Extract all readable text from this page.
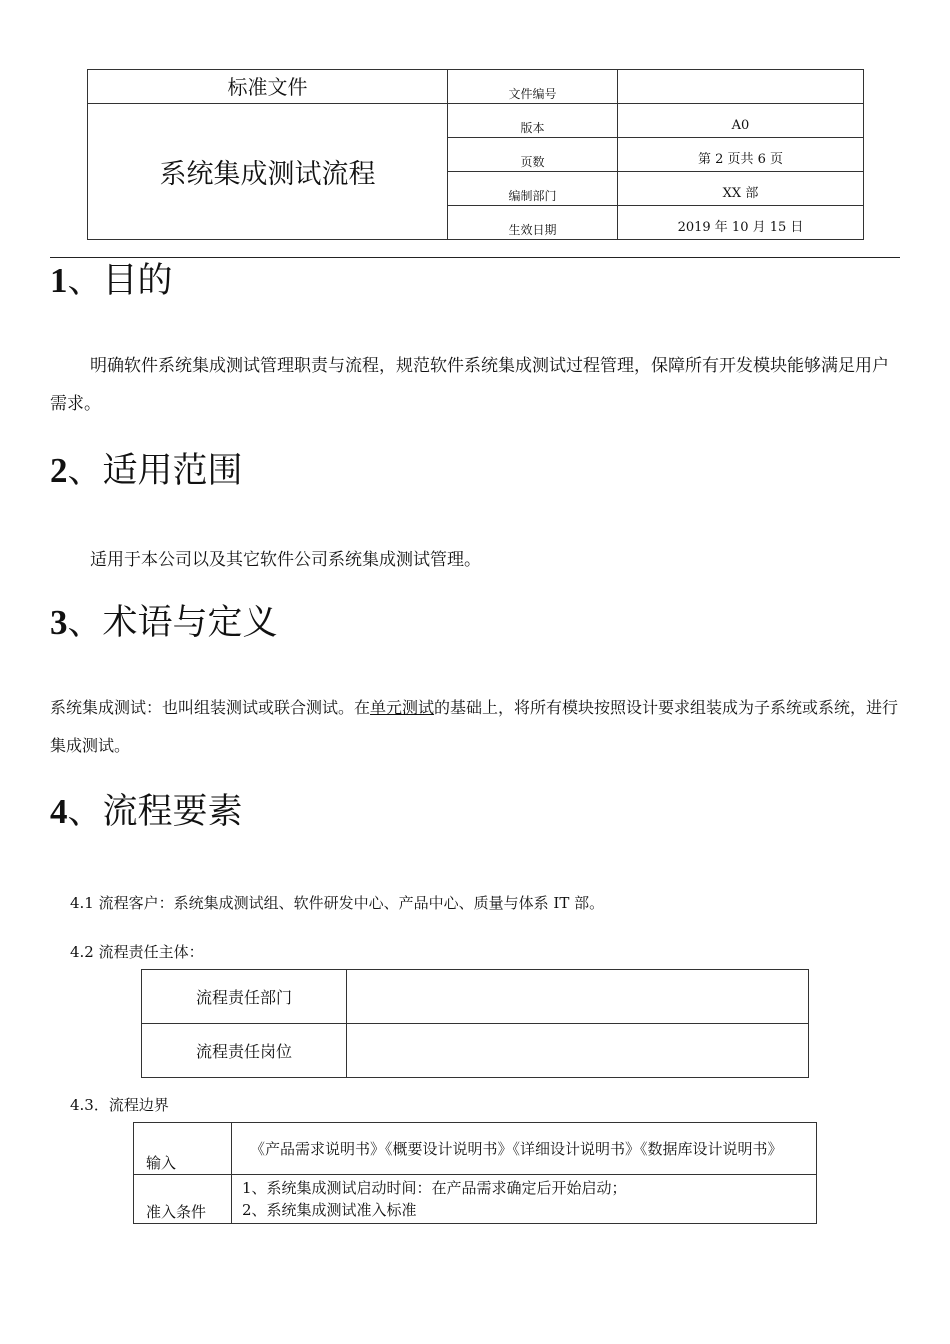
标准文件	文件编号	
系统集成测试流程	版本	A0
	页数	第 2 页共 6 页
	编制部门	XX 部
	生效日期	2019 年 10 月 15 日
1、目的
明确软件系统集成测试管理职责与流程，规范软件系统集成测试过程管理，保障所有开发模块能够满足用户需求。
2、适用范围
适用于本公司以及其它软件公司系统集成测试管理。
3、术语与定义
系统集成测试：也叫组装测试或联合测试。在单元测试的基础上，将所有模块按照设计要求组装成为子系统或系统，进行集成测试。
4、流程要素
4.1 流程客户：系统集成测试组、软件研发中心、产品中心、质量与体系 IT 部。
4.2 流程责任主体：
流程责任部门	
流程责任岗位	
4.3．流程边界
输入	《产品需求说明书》《概要设计说明书》《详细设计说明书》《数据库设计说明书》
准入条件	1、系统集成测试启动时间：在产品需求确定后开始启动；
2、系统集成测试准入标准
